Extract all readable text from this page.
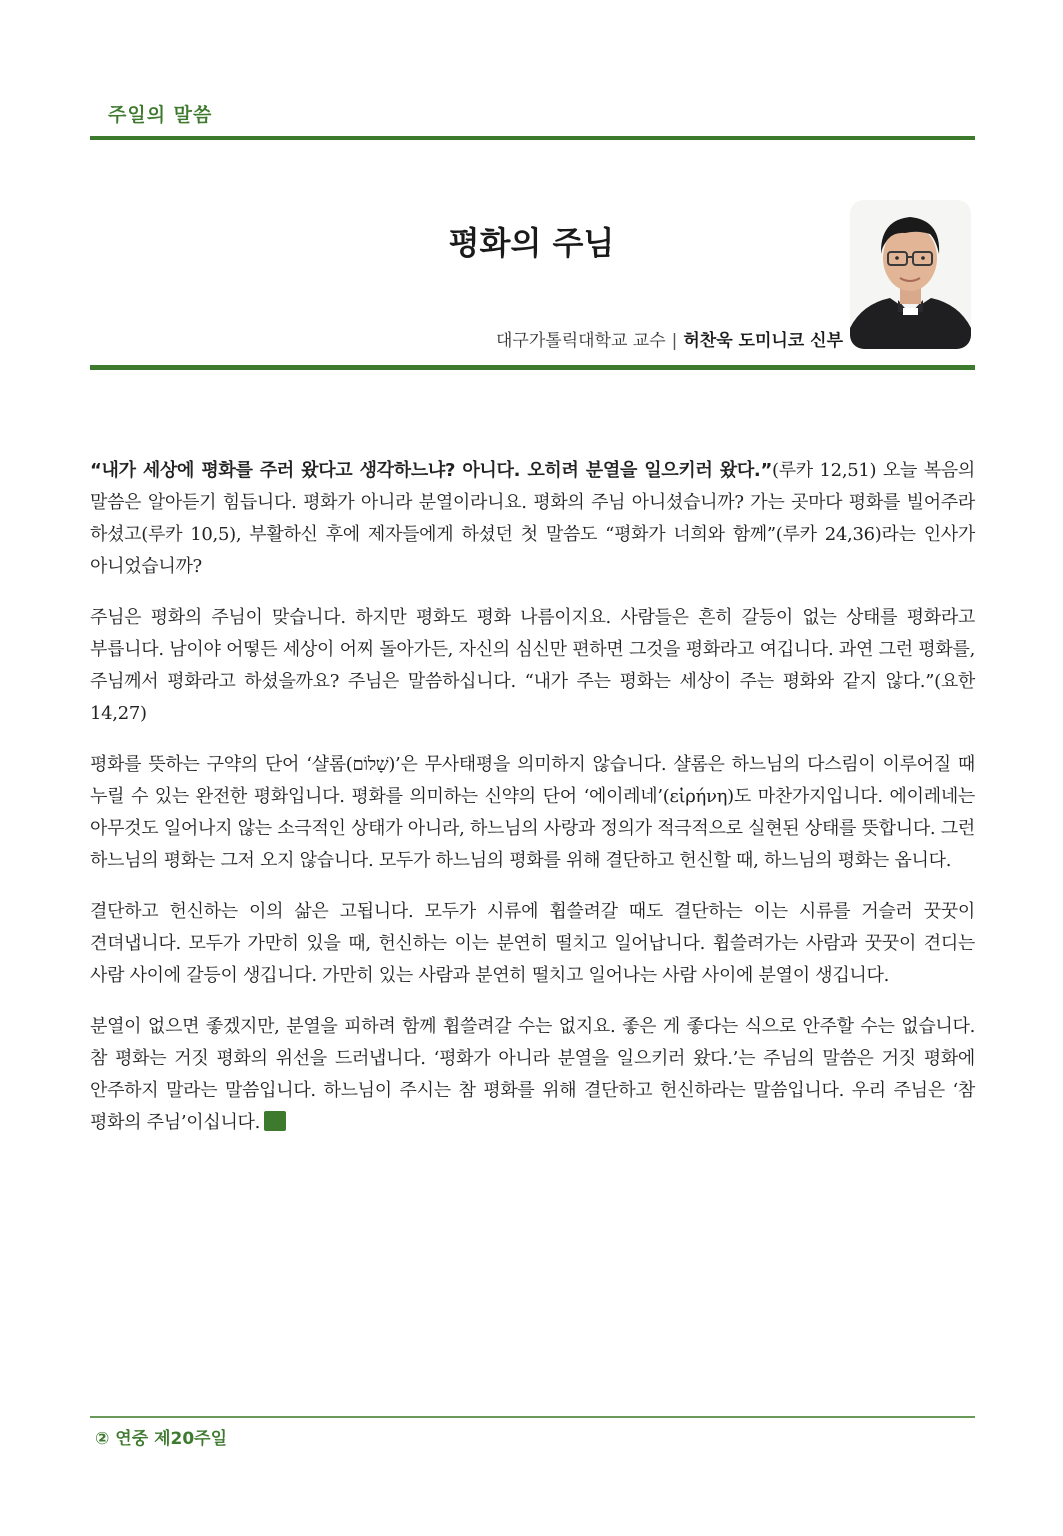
주일의 말씀
평화의 주님
대구가톨릭대학교 교수 | 허찬욱 도미니코 신부

“내가 세상에 평화를 주러 왔다고 생각하느냐? 아니다. 오히려 분열을 일으키러 왔다.”(루카 12,51) 오늘 복음의 말씀은 알아듣기 힘듭니다. 평화가 아니라 분열이라니요. 평화의 주님 아니셨습니까? 가는 곳마다 평화를 빌어주라 하셨고(루카 10,5), 부활하신 후에 제자들에게 하셨던 첫 말씀도 “평화가 너희와 함께”(루카 24,36)라는 인사가 아니었습니까?

주님은 평화의 주님이 맞습니다. 하지만 평화도 평화 나름이지요. 사람들은 흔히 갈등이 없는 상태를 평화라고 부릅니다. 남이야 어떻든 세상이 어찌 돌아가든, 자신의 심신만 편하면 그것을 평화라고 여깁니다. 과연 그런 평화를, 주님께서 평화라고 하셨을까요? 주님은 말씀하십니다. “내가 주는 평화는 세상이 주는 평화와 같지 않다.”(요한 14,27)

평화를 뜻하는 구약의 단어 ‘샬롬(שָׁלוֹם)’은 무사태평을 의미하지 않습니다. 샬롬은 하느님의 다스림이 이루어질 때 누릴 수 있는 완전한 평화입니다. 평화를 의미하는 신약의 단어 ‘에이레네’(εἰρήνη)도 마찬가지입니다. 에이레네는 아무것도 일어나지 않는 소극적인 상태가 아니라, 하느님의 사랑과 정의가 적극적으로 실현된 상태를 뜻합니다. 그런 하느님의 평화는 그저 오지 않습니다. 모두가 하느님의 평화를 위해 결단하고 헌신할 때, 하느님의 평화는 옵니다.

결단하고 헌신하는 이의 삶은 고됩니다. 모두가 시류에 휩쓸려갈 때도 결단하는 이는 시류를 거슬러 꿋꿋이 견뎌냅니다. 모두가 가만히 있을 때, 헌신하는 이는 분연히 떨치고 일어납니다. 휩쓸려가는 사람과 꿋꿋이 견디는 사람 사이에 갈등이 생깁니다. 가만히 있는 사람과 분연히 떨치고 일어나는 사람 사이에 분열이 생깁니다.

분열이 없으면 좋겠지만, 분열을 피하려 함께 휩쓸려갈 수는 없지요. 좋은 게 좋다는 식으로 안주할 수는 없습니다. 참 평화는 거짓 평화의 위선을 드러냅니다. ‘평화가 아니라 분열을 일으키러 왔다.’는 주님의 말씀은 거짓 평화에 안주하지 말라는 말씀입니다. 하느님이 주시는 참 평화를 위해 결단하고 헌신하라는 말씀입니다. 우리 주님은 ‘참 평화의 주님’이십니다.

② 연중 제20주일
